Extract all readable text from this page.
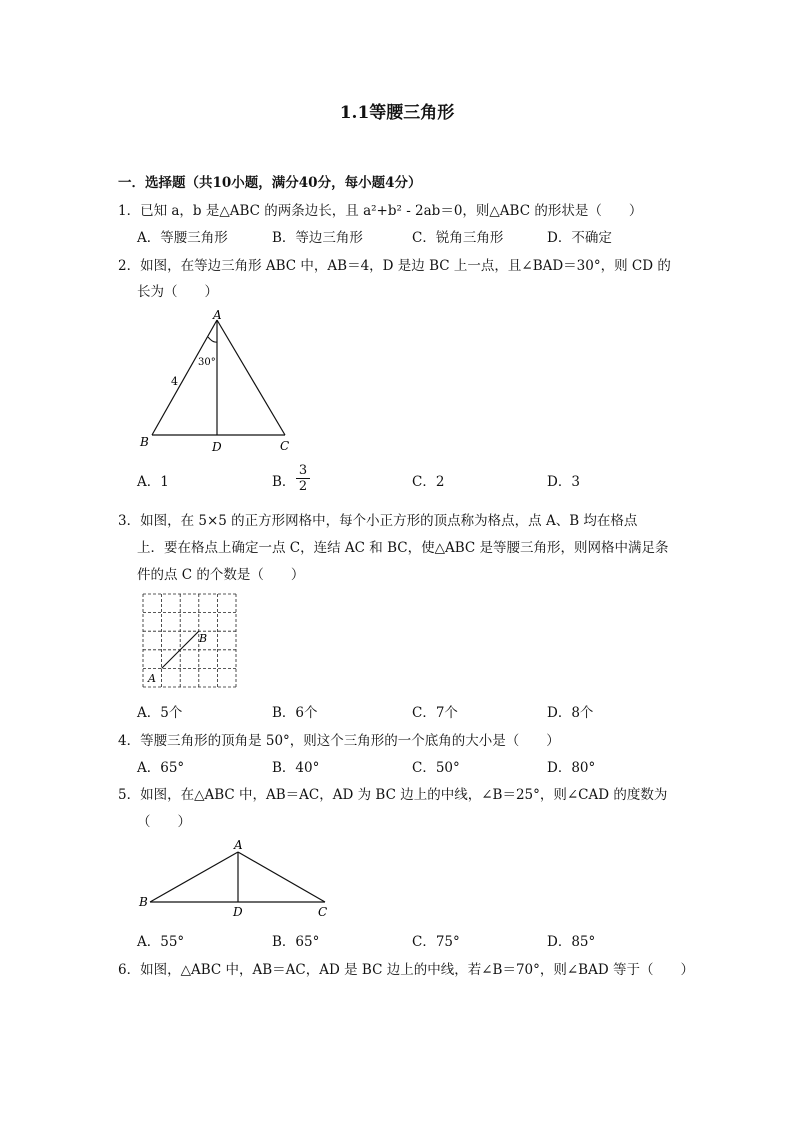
1.1等腰三角形
一．选择题（共10小题，满分40分，每小题4分）
1．已知 a，b 是△ABC 的两条边长，且 a²+b² - 2ab＝0，则△ABC 的形状是（　　）
A．等腰三角形	B．等边三角形	C．锐角三角形	D．不确定
2．如图，在等边三角形 ABC 中，AB＝4，D 是边 BC 上一点，且∠BAD＝30°，则 CD 的
长为（　　）
A
B	C
D
4
30°
A．1	B．
3
2	C．2	D．3
3．如图，在 5×5 的正方形网格中，每个小正方形的顶点称为格点，点 A、B 均在格点
上．要在格点上确定一点 C，连结 AC 和 BC，使△ABC 是等腰三角形，则网格中满足条
件的点 C 的个数是（　　）
A
B
A．5个	B．6个	C．7个	D．8个
4．等腰三角形的顶角是 50°，则这个三角形的一个底角的大小是（　　）
A．65°	B．40°	C．50°	D．80°
5．如图，在△ABC 中，AB＝AC，AD 为 BC 边上的中线，∠B＝25°，则∠CAD 的度数为
（　　）
A
B
C
D
A．55°	B．65°	C．75°	D．85°
6．如图，△ABC 中，AB＝AC，AD 是 BC 边上的中线，若∠B＝70°，则∠BAD 等于（　　）
